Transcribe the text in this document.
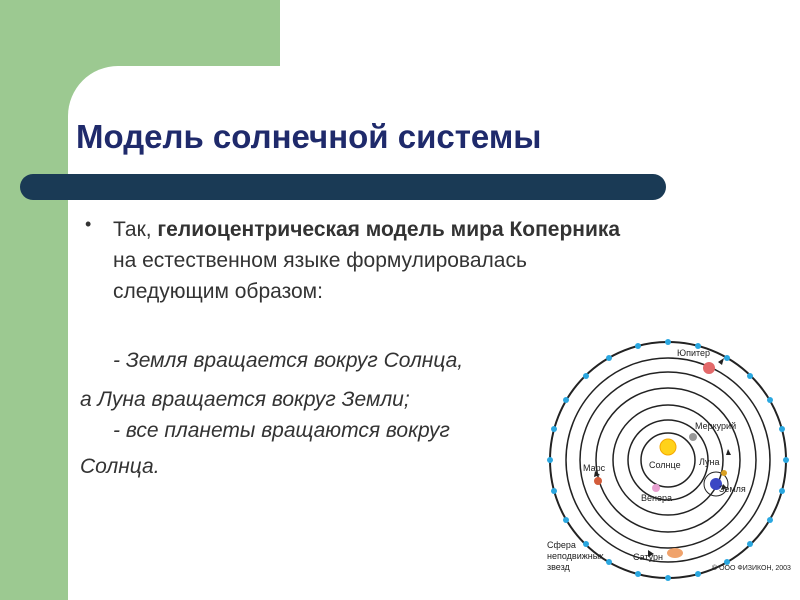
Модель солнечной системы
• Так, гелиоцентрическая модель мира Коперника на естественном языке формулировалась следующим образом:
- Земля вращается вокруг Солнца,
а Луна вращается вокруг Земли;
- все планеты вращаются вокруг
Солнца.
Юпитер
Меркурий
Солнце Луна
Марс
Земля
Венера
Сатурн
Сфера
неподвижных
звезд	© ООО ФИЗИКОН, 2003
